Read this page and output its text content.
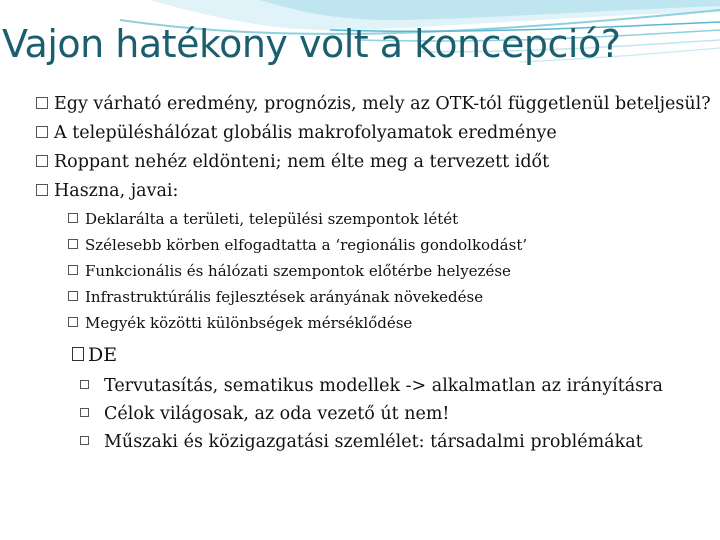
Vajon hatékony volt a koncepció?
Egy várható eredmény, prognózis, mely az OTK-tól függetlenül beteljesül?
A településhálózat globális makrofolyamatok eredménye
Roppant nehéz eldönteni; nem élte meg a tervezett időt
Haszna, javai:
Deklarálta a területi, települési szempontok létét
Szélesebb körben elfogadtatta a ‘regionális gondolkodást’
Funkcionális és hálózati szempontok előtérbe helyezése
Infrastruktúrális fejlesztések arányának növekedése
Megyék közötti különbségek mérséklődése
DE
Tervutasítás, sematikus modellek -> alkalmatlan az irányításra
Célok világosak, az oda vezető út nem!
Műszaki és közigazgatási szemlélet: társadalmi problémákat
